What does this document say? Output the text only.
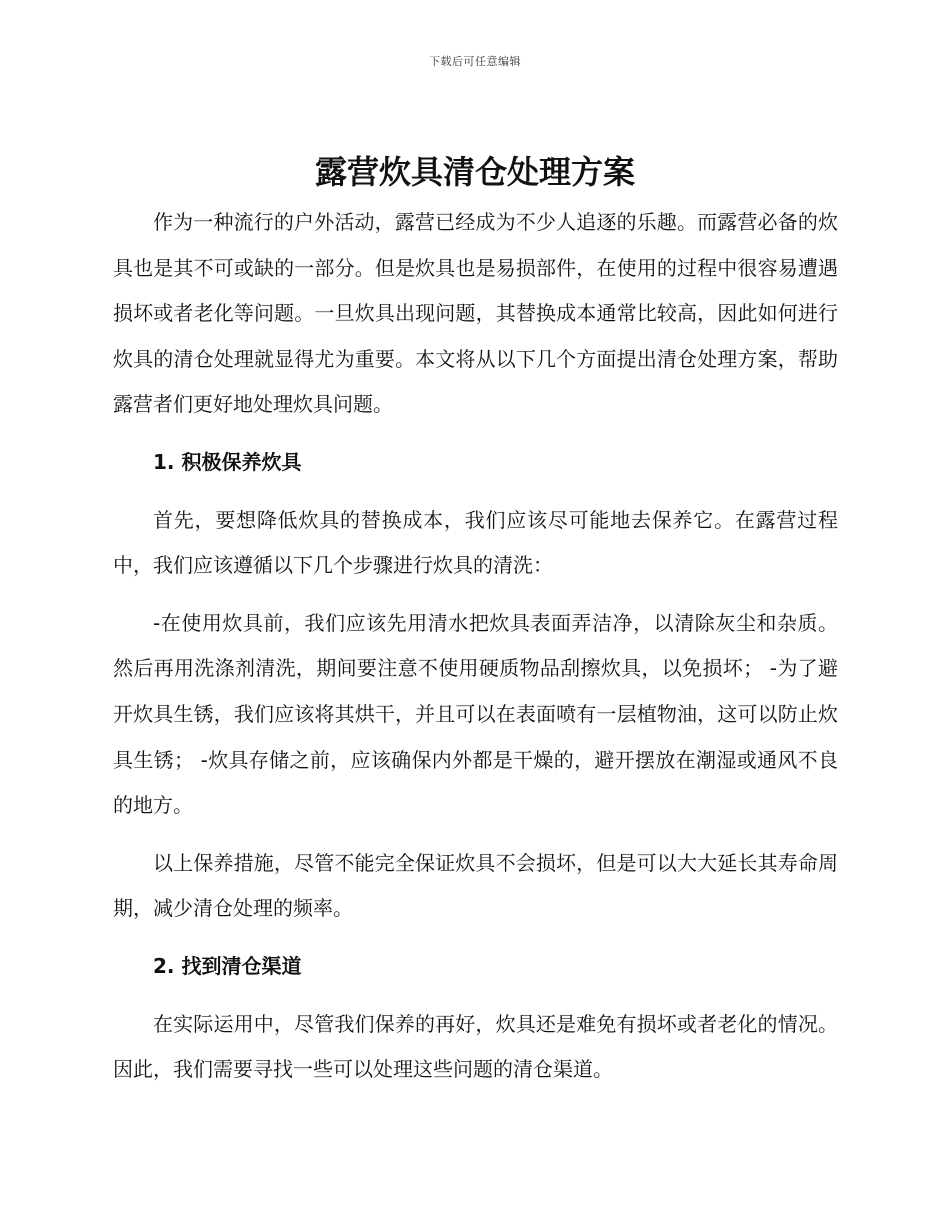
下载后可任意编辑
露营炊具清仓处理方案

作为一种流行的户外活动，露营已经成为不少人追逐的乐趣。而露营必备的炊具也是其不可或缺的一部分。但是炊具也是易损部件，在使用的过程中很容易遭遇损坏或者老化等问题。一旦炊具出现问题，其替换成本通常比较高，因此如何进行炊具的清仓处理就显得尤为重要。本文将从以下几个方面提出清仓处理方案，帮助露营者们更好地处理炊具问题。

1. 积极保养炊具

首先，要想降低炊具的替换成本，我们应该尽可能地去保养它。在露营过程中，我们应该遵循以下几个步骤进行炊具的清洗：

-在使用炊具前，我们应该先用清水把炊具表面弄洁净，以清除灰尘和杂质。然后再用洗涤剂清洗，期间要注意不使用硬质物品刮擦炊具，以免损坏； -为了避开炊具生锈，我们应该将其烘干，并且可以在表面喷有一层植物油，这可以防止炊具生锈； -炊具存储之前，应该确保内外都是干燥的，避开摆放在潮湿或通风不良的地方。

以上保养措施，尽管不能完全保证炊具不会损坏，但是可以大大延长其寿命周期，减少清仓处理的频率。

2. 找到清仓渠道

在实际运用中，尽管我们保养的再好，炊具还是难免有损坏或者老化的情况。因此，我们需要寻找一些可以处理这些问题的清仓渠道。
